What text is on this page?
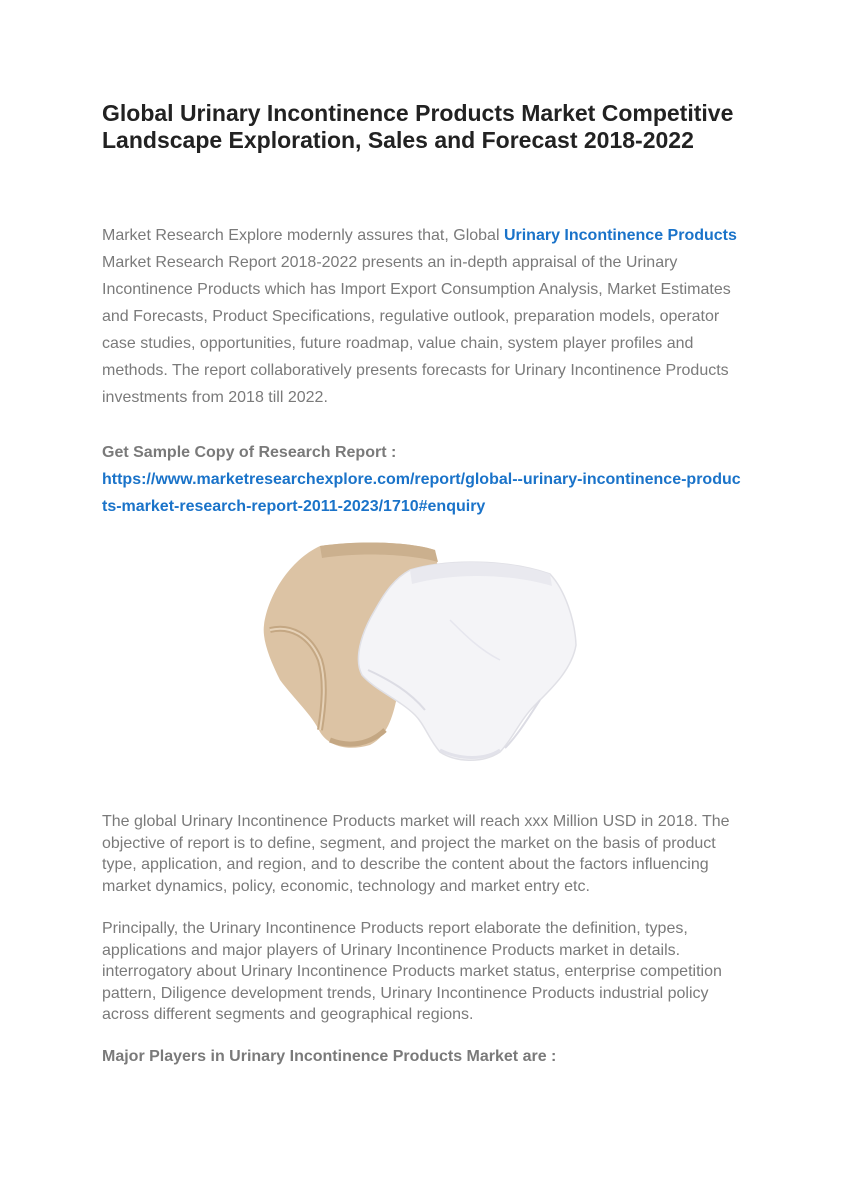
Global Urinary Incontinence Products Market Competitive Landscape Exploration, Sales and Forecast 2018-2022

Market Research Explore modernly assures that, Global Urinary Incontinence Products Market Research Report 2018-2022 presents an in-depth appraisal of the Urinary Incontinence Products which has Import Export Consumption Analysis, Market Estimates and Forecasts, Product Specifications, regulative outlook, preparation models, operator case studies, opportunities, future roadmap, value chain, system player profiles and methods. The report collaboratively presents forecasts for Urinary Incontinence Products investments from 2018 till 2022.

Get Sample Copy of Research Report :

https://www.marketresearchexplore.com/report/global--urinary-incontinence-products-market-research-report-2011-2023/1710#enquiry

The global Urinary Incontinence Products market will reach xxx Million USD in 2018. The objective of report is to define, segment, and project the market on the basis of product type, application, and region, and to describe the content about the factors influencing market dynamics, policy, economic, technology and market entry etc.

Principally, the Urinary Incontinence Products report elaborate the definition, types, applications and major players of Urinary Incontinence Products market in details. interrogatory about Urinary Incontinence Products market status, enterprise competition pattern, Diligence development trends, Urinary Incontinence Products industrial policy across different segments and geographical regions.

Major Players in Urinary Incontinence Products Market are :
